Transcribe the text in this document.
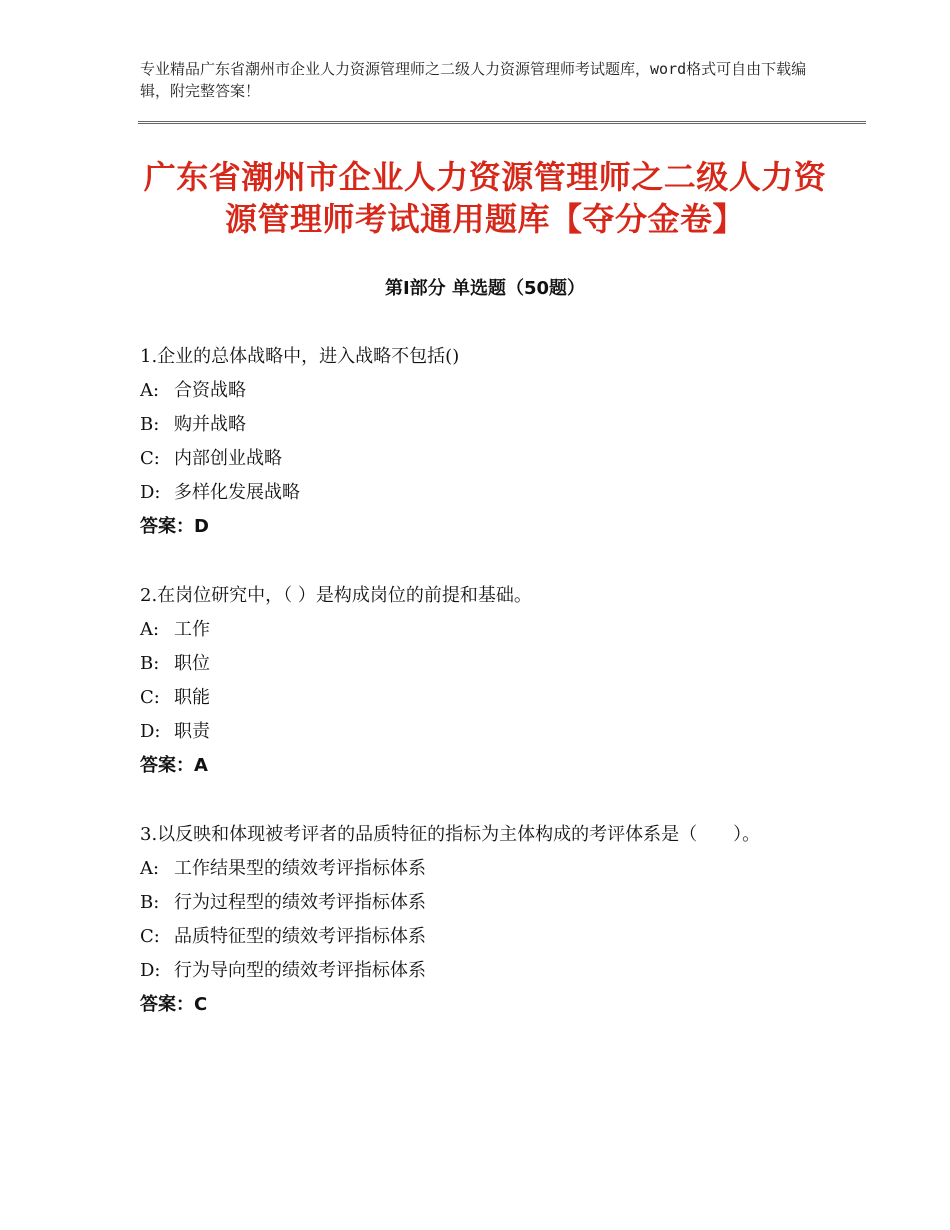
专业精品广东省潮州市企业人力资源管理师之二级人力资源管理师考试题库，word格式可自由下载编辑，附完整答案！
广东省潮州市企业人力资源管理师之二级人力资源管理师考试通用题库【夺分金卷】
第Ⅰ部分 单选题（50题）
1.企业的总体战略中，进入战略不包括()
A: 合资战略
B: 购并战略
C: 内部创业战略
D: 多样化发展战略
答案：D
2.在岗位研究中，（ ）是构成岗位的前提和基础。
A: 工作
B: 职位
C: 职能
D: 职责
答案：A
3.以反映和体现被考评者的品质特征的指标为主体构成的考评体系是（　　）。
A: 工作结果型的绩效考评指标体系
B: 行为过程型的绩效考评指标体系
C: 品质特征型的绩效考评指标体系
D: 行为导向型的绩效考评指标体系
答案：C
